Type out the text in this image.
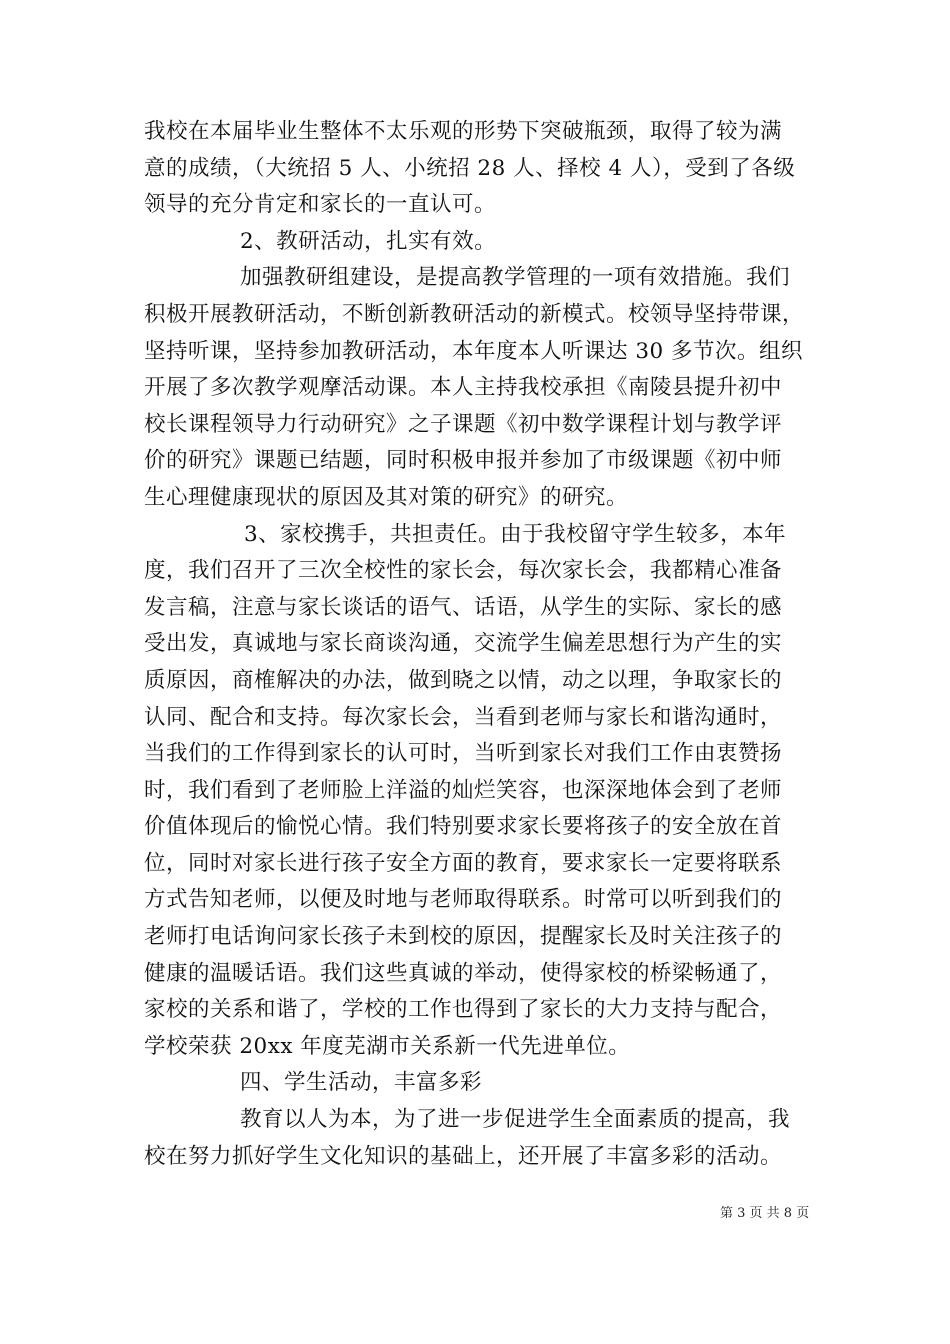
我校在本届毕业生整体不太乐观的形势下突破瓶颈，取得了较为满
意的成绩，（大统招 5 人、小统招 28 人、择校 4 人），受到了各级
领导的充分肯定和家长的一直认可。
2、教研活动，扎实有效。
加强教研组建设，是提高教学管理的一项有效措施。我们
积极开展教研活动，不断创新教研活动的新模式。校领导坚持带课，
坚持听课，坚持参加教研活动，本年度本人听课达 30 多节次。组织
开展了多次教学观摩活动课。本人主持我校承担《南陵县提升初中
校长课程领导力行动研究》之子课题《初中数学课程计划与教学评
价的研究》课题已结题，同时积极申报并参加了市级课题《初中师
生心理健康现状的原因及其对策的研究》的研究。
3、家校携手，共担责任。由于我校留守学生较多，本年
度，我们召开了三次全校性的家长会，每次家长会，我都精心准备
发言稿，注意与家长谈话的语气、话语，从学生的实际、家长的感
受出发，真诚地与家长商谈沟通，交流学生偏差思想行为产生的实
质原因，商榷解决的办法，做到晓之以情，动之以理，争取家长的
认同、配合和支持。每次家长会，当看到老师与家长和谐沟通时，
当我们的工作得到家长的认可时，当听到家长对我们工作由衷赞扬
时，我们看到了老师脸上洋溢的灿烂笑容，也深深地体会到了老师
价值体现后的愉悦心情。我们特别要求家长要将孩子的安全放在首
位，同时对家长进行孩子安全方面的教育，要求家长一定要将联系
方式告知老师，以便及时地与老师取得联系。时常可以听到我们的
老师打电话询问家长孩子未到校的原因，提醒家长及时关注孩子的
健康的温暖话语。我们这些真诚的举动，使得家校的桥梁畅通了，
家校的关系和谐了，学校的工作也得到了家长的大力支持与配合，
学校荣获 20xx 年度芜湖市关系新一代先进单位。
四、学生活动，丰富多彩
教育以人为本，为了进一步促进学生全面素质的提高，我
校在努力抓好学生文化知识的基础上，还开展了丰富多彩的活动。
第 3 页 共 8 页
